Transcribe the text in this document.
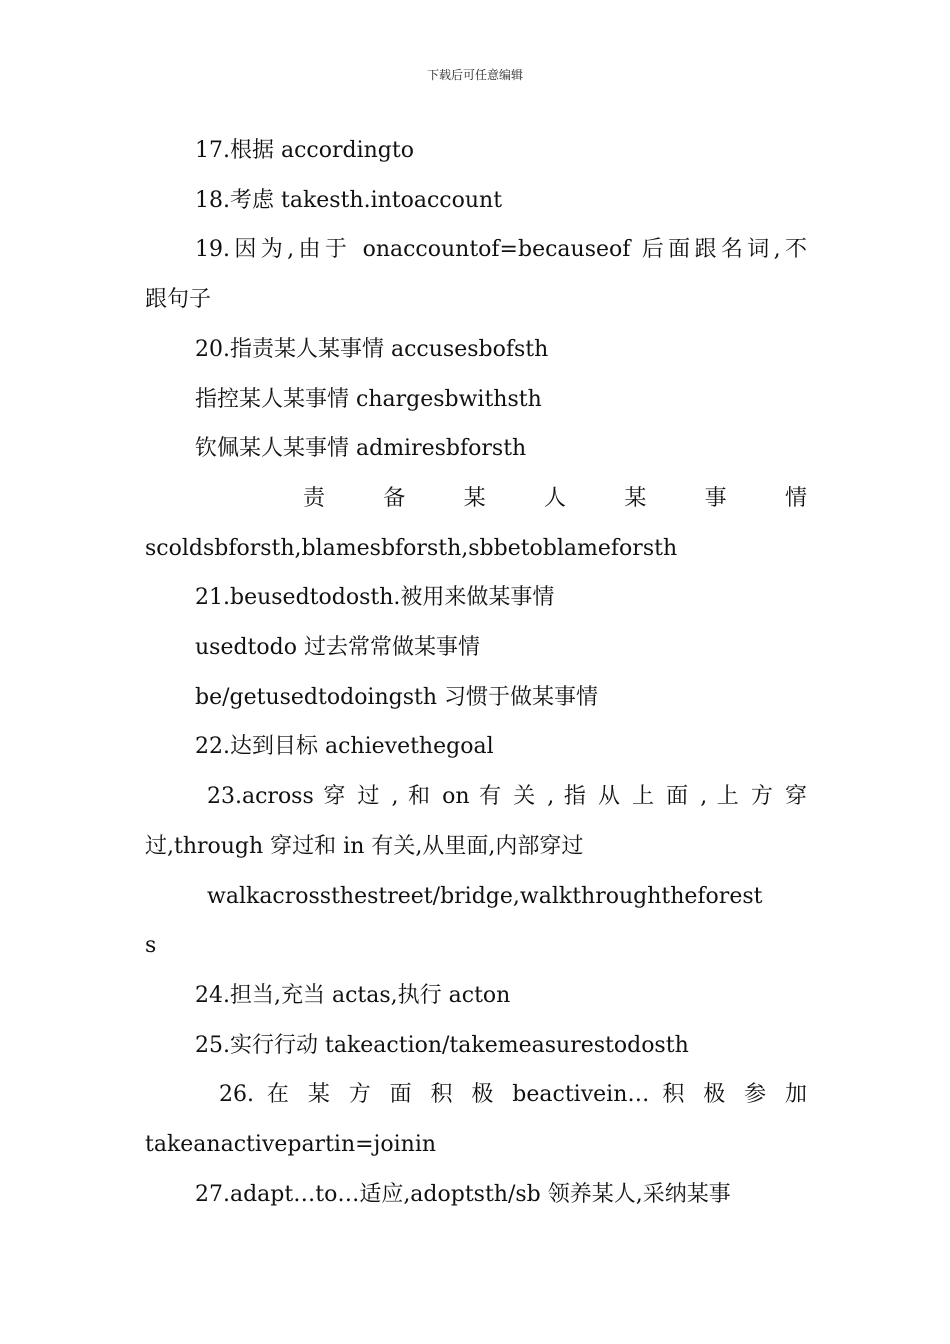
下载后可任意编辑
17.根据 accordingto
18.考虑 takesth.intoaccount
19.因为,由于 onaccountof=becauseof 后面跟名词,不
跟句子
20.指责某人某事情 accusesbofsth
指控某人某事情 chargesbwithsth
钦佩某人某事情 admiresbforsth
责 备 某 人 某 事 情
scoldsbforsth,blamesbforsth,sbbetoblameforsth
21.beusedtodosth.被用来做某事情
usedtodo 过去常常做某事情
be/getusedtodoingsth 习惯于做某事情
22.达到目标 achievethegoal
23.across 穿 过 , 和 on 有 关 , 指 从 上 面 , 上 方 穿
过,through 穿过和 in 有关,从里面,内部穿过
walkacrossthestreet/bridge,walkthroughtheforest
s
24.担当,充当 actas,执行 acton
25.实行行动 takeaction/takemeasurestodosth
26. 在 某 方 面 积 极 beactivein… 积 极 参 加
takeanactivepartin=joinin
27.adapt…to…适应,adoptsth/sb 领养某人,采纳某事
